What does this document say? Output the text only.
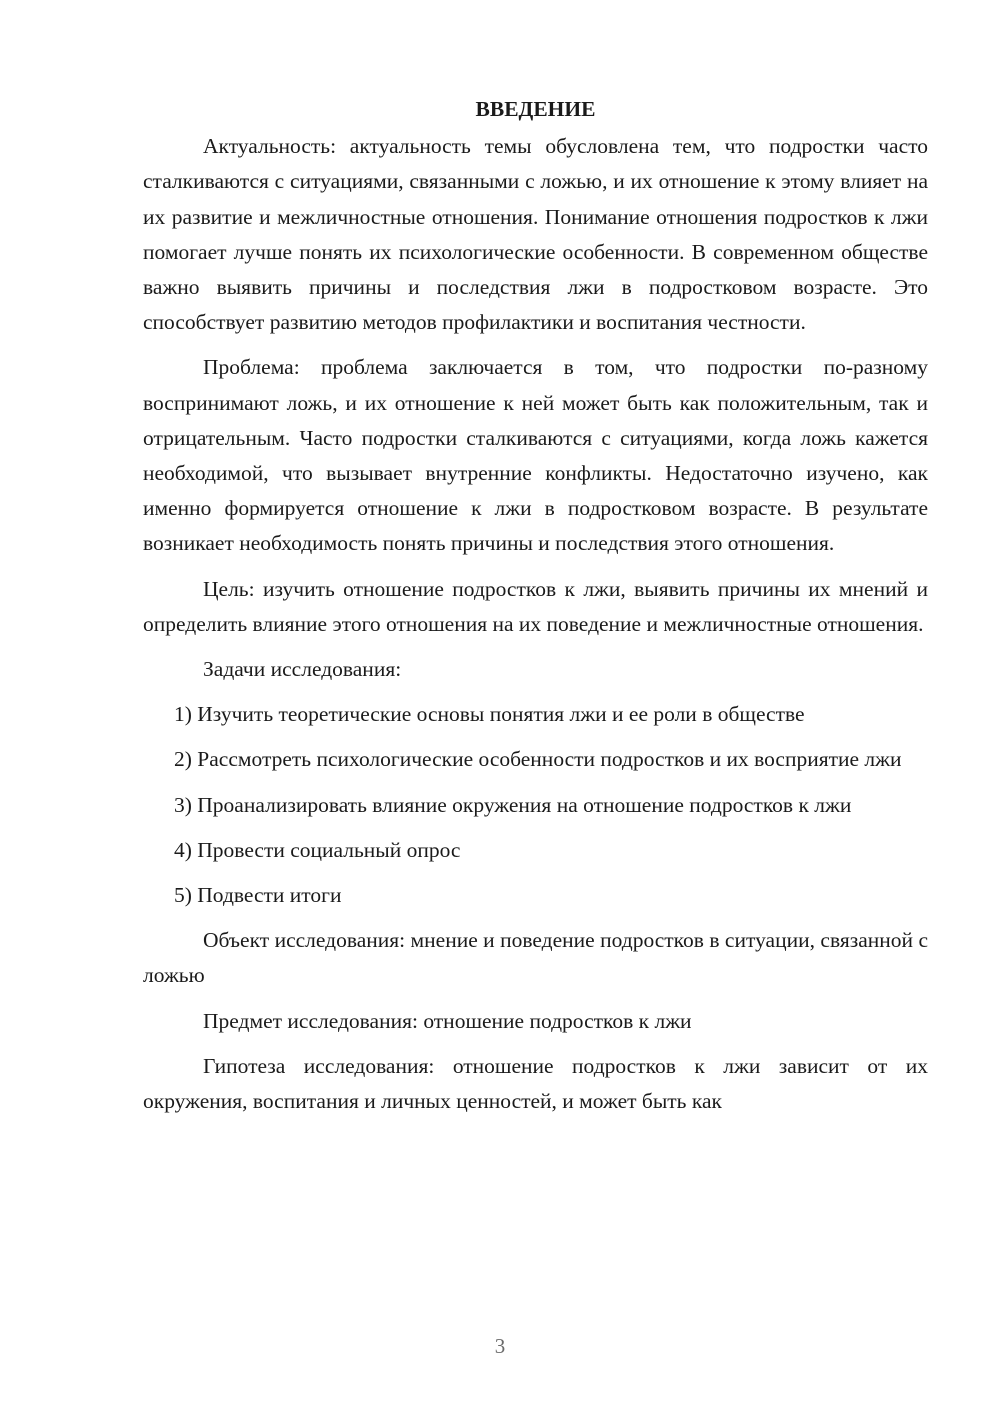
ВВЕДЕНИЕ

Актуальность: актуальность темы обусловлена тем, что подростки часто сталкиваются с ситуациями, связанными с ложью, и их отношение к этому влияет на их развитие и межличностные отношения. Понимание отношения подростков к лжи помогает лучше понять их психологические особенности. В современном обществе важно выявить причины и последствия лжи в подростковом возрасте. Это способствует развитию методов профилактики и воспитания честности.

Проблема: проблема заключается в том, что подростки по-разному воспринимают ложь, и их отношение к ней может быть как положительным, так и отрицательным. Часто подростки сталкиваются с ситуациями, когда ложь кажется необходимой, что вызывает внутренние конфликты. Недостаточно изучено, как именно формируется отношение к лжи в подростковом возрасте. В результате возникает необходимость понять причины и последствия этого отношения.

Цель: изучить отношение подростков к лжи, выявить причины их мнений и определить влияние этого отношения на их поведение и межличностные отношения.

Задачи исследования:

1) Изучить теоретические основы понятия лжи и ее роли в обществе

2) Рассмотреть психологические особенности подростков и их восприятие лжи

3) Проанализировать влияние окружения на отношение подростков к лжи

4) Провести социальный опрос

5) Подвести итоги

Объект исследования: мнение и поведение подростков в ситуации, связанной с ложью

Предмет исследования: отношение подростков к лжи

Гипотеза исследования: отношение подростков к лжи зависит от их окружения, воспитания и личных ценностей, и может быть как

3
